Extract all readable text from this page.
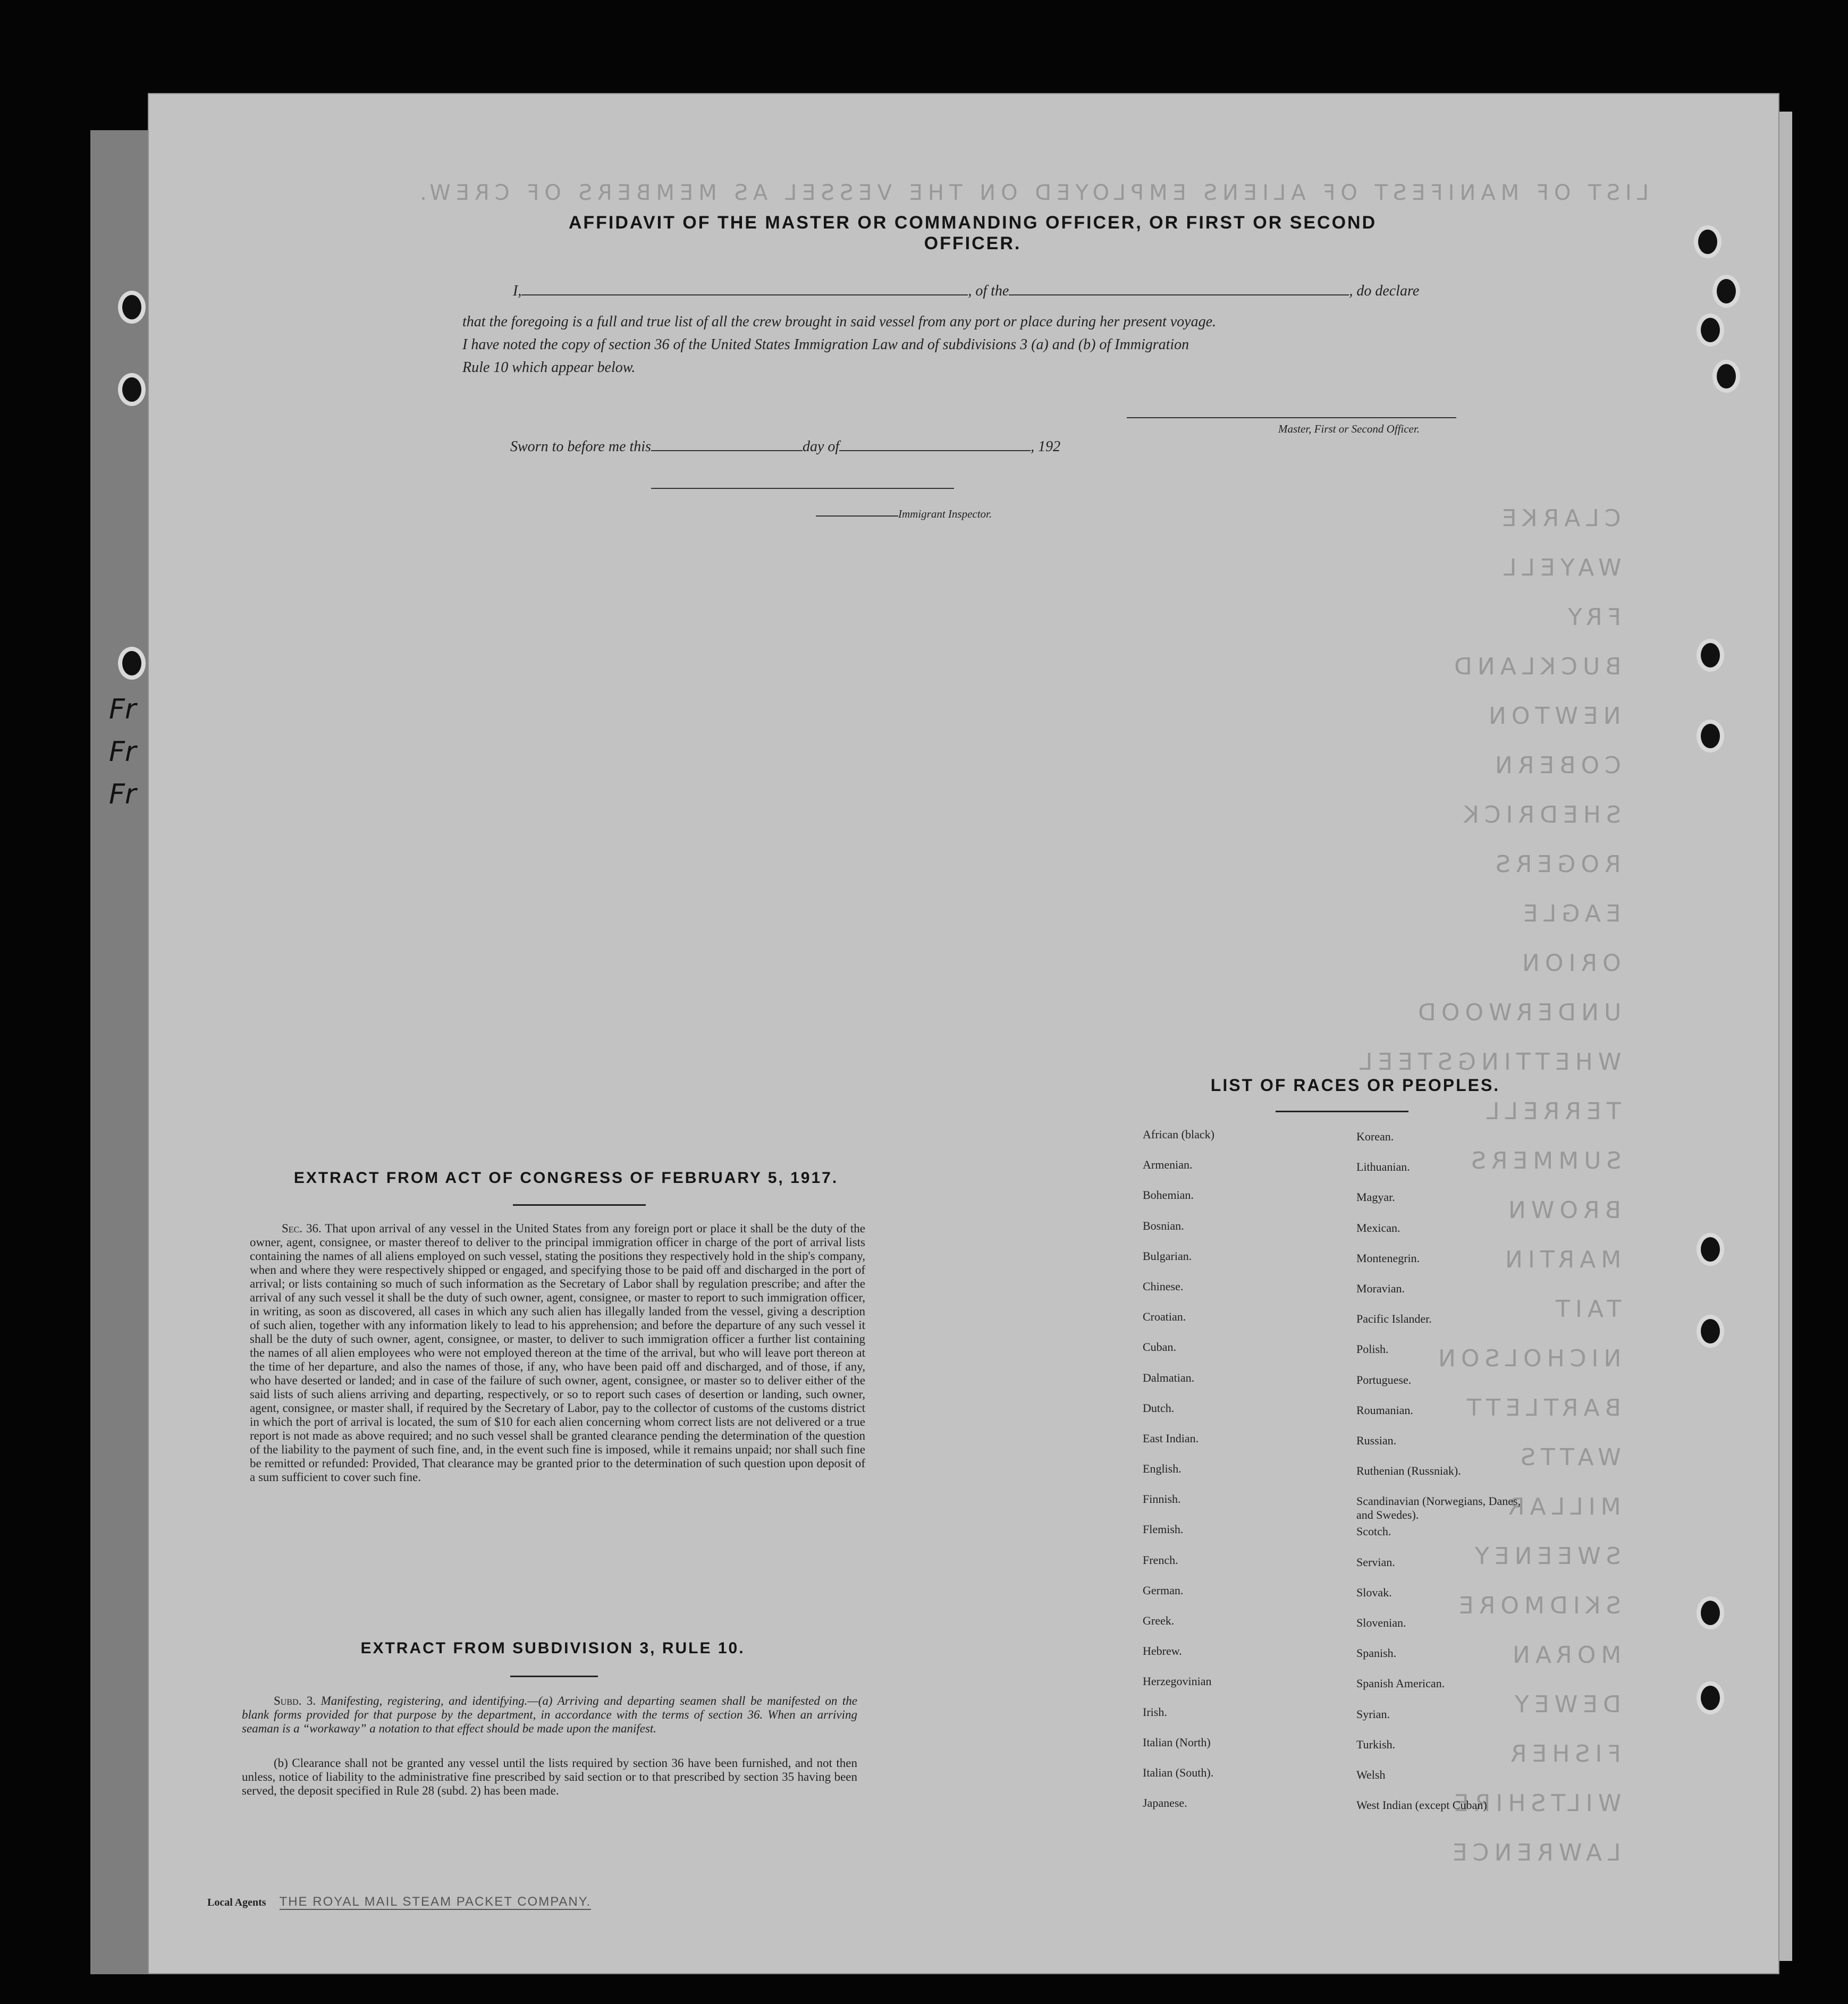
Fr
Fr
Fr
LIST OF MANIFEST OF ALIENS EMPLOYED ON THE VESSEL AS MEMBERS OF CREW.
CLARKE
WAYELL
FRY
BUCKLAND
NEWTON
COBERN
SHEDRICK
ROGERS
EAGLE
ORION
UNDERWOOD
WHETTINGSTEEL
TERRELL
SUMMERS
BROWN
MARTIN
TAIT
NICHOLSON
BARTLETT
WATTS
MILLAR
SWEENEY
SKIDMORE
MORAN
DEWEY
FISHER
WILTSHIRE
LAWRENCE
AFFIDAVIT OF THE MASTER OR COMMANDING OFFICER, OR FIRST OR SECOND OFFICER.
I,	, of the	, do declare
that the foregoing is a full and true list of all the crew brought in said vessel from any port or place during her present voyage.
I have noted the copy of section 36 of the United States Immigration Law and of subdivisions 3 (a) and (b) of Immigration
Rule 10 which appear below.
Master, First or Second Officer.
Sworn to before me this	day of	, 192
Immigrant Inspector.
EXTRACT FROM ACT OF CONGRESS OF FEBRUARY 5, 1917.
Sec. 36. That upon arrival of any vessel in the United States from any foreign port or place it shall be the duty of the owner, agent, consignee, or master thereof to deliver to the principal immigration officer in charge of the port of arrival lists containing the names of all aliens employed on such vessel, stating the positions they respectively hold in the ship's company, when and where they were respectively shipped or engaged, and specifying those to be paid off and discharged in the port of arrival; or lists containing so much of such information as the Secretary of Labor shall by regulation prescribe; and after the arrival of any such vessel it shall be the duty of such owner, agent, consignee, or master to report to such immigration officer, in writing, as soon as discovered, all cases in which any such alien has illegally landed from the vessel, giving a description of such alien, together with any information likely to lead to his apprehension; and before the departure of any such vessel it shall be the duty of such owner, agent, consignee, or master, to deliver to such immigration officer a further list containing the names of all alien employees who were not employed thereon at the time of the arrival, but who will leave port thereon at the time of her departure, and also the names of those, if any, who have been paid off and discharged, and of those, if any, who have deserted or landed; and in case of the failure of such owner, agent, consignee, or master so to deliver either of the said lists of such aliens arriving and departing, respectively, or so to report such cases of desertion or landing, such owner, agent, consignee, or master shall, if required by the Secretary of Labor, pay to the collector of customs of the customs district in which the port of arrival is located, the sum of $10 for each alien concerning whom correct lists are not delivered or a true report is not made as above required; and no such vessel shall be granted clearance pending the determination of the question of the liability to the payment of such fine, and, in the event such fine is imposed, while it remains unpaid; nor shall such fine be remitted or refunded: Provided, That clearance may be granted prior to the determination of such question upon deposit of a sum sufficient to cover such fine.
EXTRACT FROM SUBDIVISION 3, RULE 10.
Subd. 3. Manifesting, registering, and identifying.—(a) Arriving and departing seamen shall be manifested on the blank forms provided for that purpose by the department, in accordance with the terms of section 36. When an arriving seaman is a “workaway” a notation to that effect should be made upon the manifest.
(b) Clearance shall not be granted any vessel until the lists required by section 36 have been furnished, and not then unless, notice of liability to the administrative fine prescribed by said section or to that prescribed by section 35 having been served, the deposit specified in Rule 28 (subd. 2) has been made.
LIST OF RACES OR PEOPLES.
African (black)
Armenian.
Bohemian.
Bosnian.
Bulgarian.
Chinese.
Croatian.
Cuban.
Dalmatian.
Dutch.
East Indian.
English.
Finnish.
Flemish.
French.
German.
Greek.
Hebrew.
Herzegovinian
Irish.
Italian (North)
Italian (South).
Japanese.
Korean.
Lithuanian.
Magyar.
Mexican.
Montenegrin.
Moravian.
Pacific Islander.
Polish.
Portuguese.
Roumanian.
Russian.
Ruthenian (Russniak).
Scandinavian (Norwegians, Danes, and Swedes).
Scotch.
Servian.
Slovak.
Slovenian.
Spanish.
Spanish American.
Syrian.
Turkish.
Welsh
West Indian (except Cuban)
Local Agents THE ROYAL MAIL STEAM PACKET COMPANY.
